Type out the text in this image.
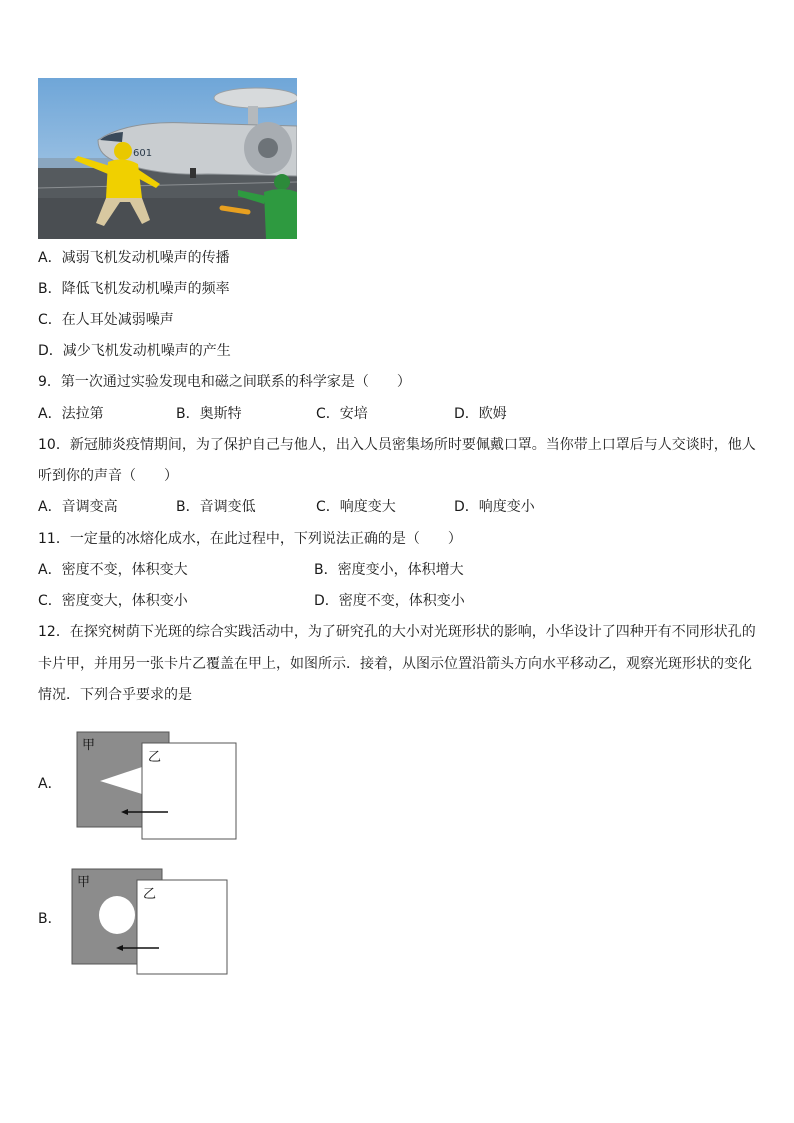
601
A．减弱飞机发动机噪声的传播
B．降低飞机发动机噪声的频率
C．在人耳处减弱噪声
D．减少飞机发动机噪声的产生
9．第一次通过实验发现电和磁之间联系的科学家是（　　）
A．法拉第	B．奥斯特	C．安培	D．欧姆
10．新冠肺炎疫情期间，为了保护自己与他人，出入人员密集场所时要佩戴口罩。当你带上口罩后与人交谈时，他人
听到你的声音（　　）
A．音调变高	B．音调变低	C．响度变大	D．响度变小
11．一定量的冰熔化成水，在此过程中，下列说法正确的是（　　）
A．密度不变，体积变大	B．密度变小，体积增大
C．密度变大，体积变小	D．密度不变，体积变小
12．在探究树荫下光斑的综合实践活动中，为了研究孔的大小对光斑形状的影响，小华设计了四种开有不同形状孔的
卡片甲，并用另一张卡片乙覆盖在甲上，如图所示．接着，从图示位置沿箭头方向水平移动乙，观察光斑形状的变化
情况．下列合乎要求的是
A．
甲
乙
B．
甲
乙
